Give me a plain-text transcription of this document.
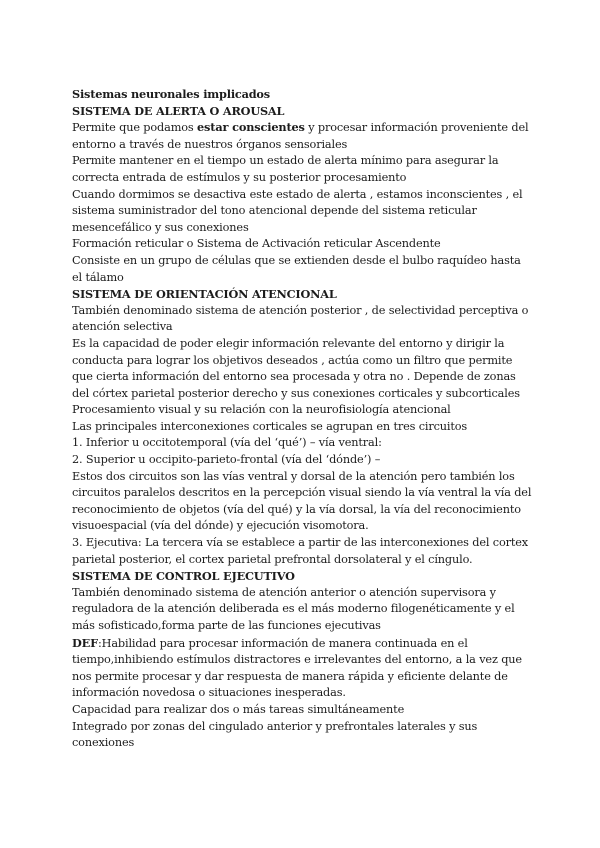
Sistemas neuronales implicados

SISTEMA DE ALERTA O AROUSAL

Permite que podamos estar conscientes y procesar información proveniente del entorno a través de nuestros órganos sensoriales

Permite mantener en el tiempo un estado de alerta mínimo para asegurar la correcta entrada de estímulos y su posterior procesamiento

Cuando dormimos se desactiva este estado de alerta , estamos inconscientes , el sistema suministrador del tono atencional depende del sistema reticular mesencefálico y sus conexiones

Formación reticular o Sistema de Activación reticular Ascendente

Consiste en un grupo de células que se extienden desde el bulbo raquídeo hasta el tálamo

SISTEMA DE ORIENTACIÓN ATENCIONAL

También denominado sistema de atención posterior , de selectividad perceptiva o atención selectiva

Es la capacidad de poder elegir información relevante del entorno y dirigir la conducta para lograr los objetivos deseados , actúa como un filtro que permite que cierta información del entorno sea procesada y otra no . Depende de zonas del córtex parietal posterior derecho y sus conexiones corticales y subcorticales

Procesamiento visual y su relación con la neurofisiología atencional

Las principales interconexiones corticales se agrupan en tres circuitos

1. Inferior u occitotemporal (vía del ‘qué’) – vía ventral:

2. Superior u occipito-parieto-frontal (vía del ‘dónde’) –

Estos dos circuitos son las vías ventral y dorsal de la atención pero también los circuitos paralelos descritos en la percepción visual siendo la vía ventral la vía del reconocimiento de objetos (vía del qué) y la vía dorsal, la vía del reconocimiento visuoespacial (vía del dónde) y ejecución visomotora.

3. Ejecutiva: La tercera vía se establece a partir de las interconexiones del cortex parietal posterior, el cortex parietal prefrontal dorsolateral y el cíngulo.

SISTEMA DE CONTROL EJECUTIVO

También denominado sistema de atención anterior o atención supervisora y reguladora de la atención deliberada es el más moderno filogenéticamente y el más sofisticado,forma parte de las funciones ejecutivas

DEF:Habilidad para procesar información de manera continuada en el tiempo,inhibiendo estímulos distractores e irrelevantes del entorno, a la vez que nos permite procesar y dar respuesta de manera rápida y eficiente delante de información novedosa o situaciones inesperadas.

Capacidad para realizar dos o más tareas simultáneamente

Integrado por zonas del cingulado anterior y prefrontales laterales y sus conexiones
